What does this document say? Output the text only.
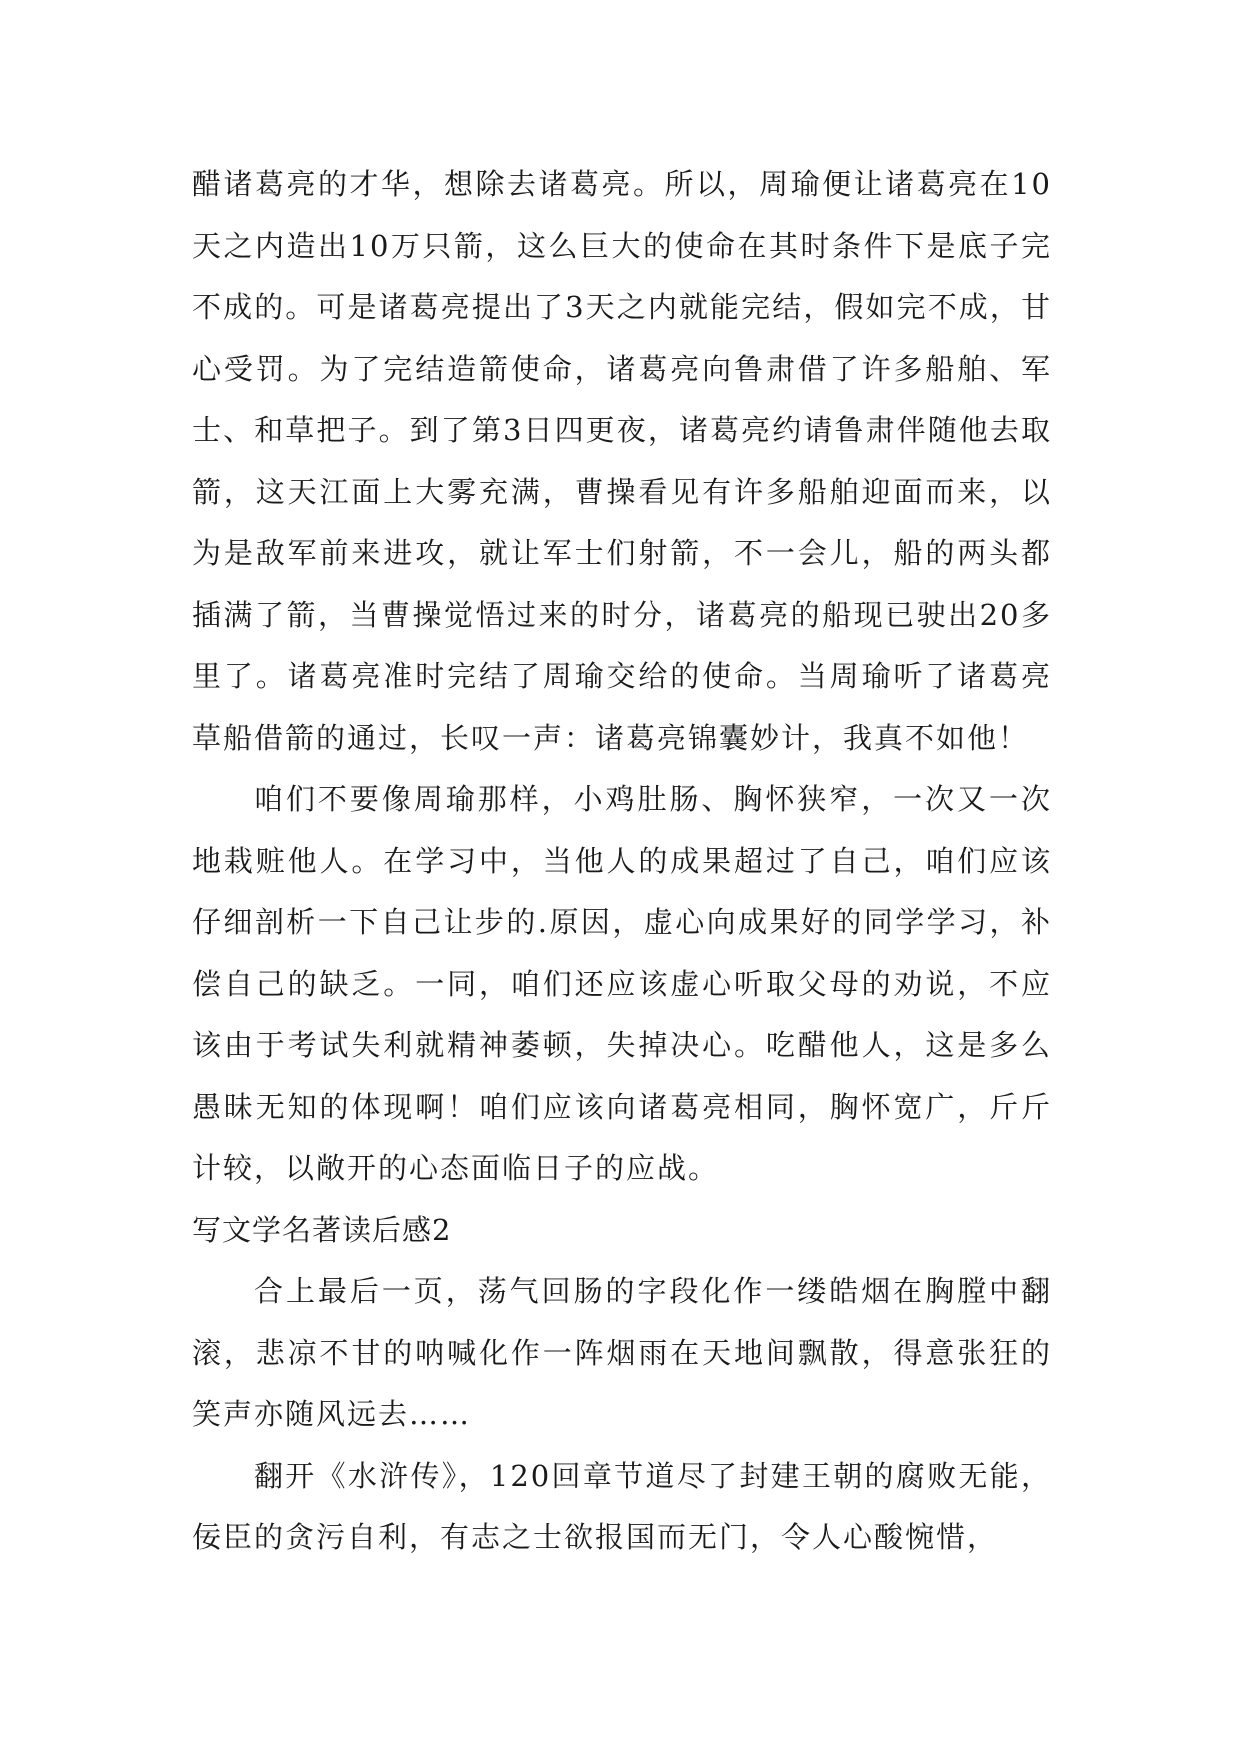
醋诸葛亮的才华，想除去诸葛亮。所以，周瑜便让诸葛亮在10天之内造出10万只箭，这么巨大的使命在其时条件下是底子完不成的。可是诸葛亮提出了3天之内就能完结，假如完不成，甘心受罚。为了完结造箭使命，诸葛亮向鲁肃借了许多船舶、军士、和草把子。到了第3日四更夜，诸葛亮约请鲁肃伴随他去取箭，这天江面上大雾充满，曹操看见有许多船舶迎面而来，以为是敌军前来进攻，就让军士们射箭，不一会儿，船的两头都插满了箭，当曹操觉悟过来的时分，诸葛亮的船现已驶出20多里了。诸葛亮准时完结了周瑜交给的使命。当周瑜听了诸葛亮草船借箭的通过，长叹一声：诸葛亮锦囊妙计，我真不如他！

咱们不要像周瑜那样，小鸡肚肠、胸怀狭窄，一次又一次地栽赃他人。在学习中，当他人的成果超过了自己，咱们应该仔细剖析一下自己让步的.原因，虚心向成果好的同学学习，补偿自己的缺乏。一同，咱们还应该虚心听取父母的劝说，不应该由于考试失利就精神萎顿，失掉决心。吃醋他人，这是多么愚昧无知的体现啊！咱们应该向诸葛亮相同，胸怀宽广，斤斤计较，以敞开的心态面临日子的应战。

写文学名著读后感2

合上最后一页，荡气回肠的字段化作一缕皓烟在胸膛中翻滚，悲凉不甘的呐喊化作一阵烟雨在天地间飘散，得意张狂的笑声亦随风远去……

翻开《水浒传》，120回章节道尽了封建王朝的腐败无能，佞臣的贪污自利，有志之士欲报国而无门，令人心酸惋惜，
